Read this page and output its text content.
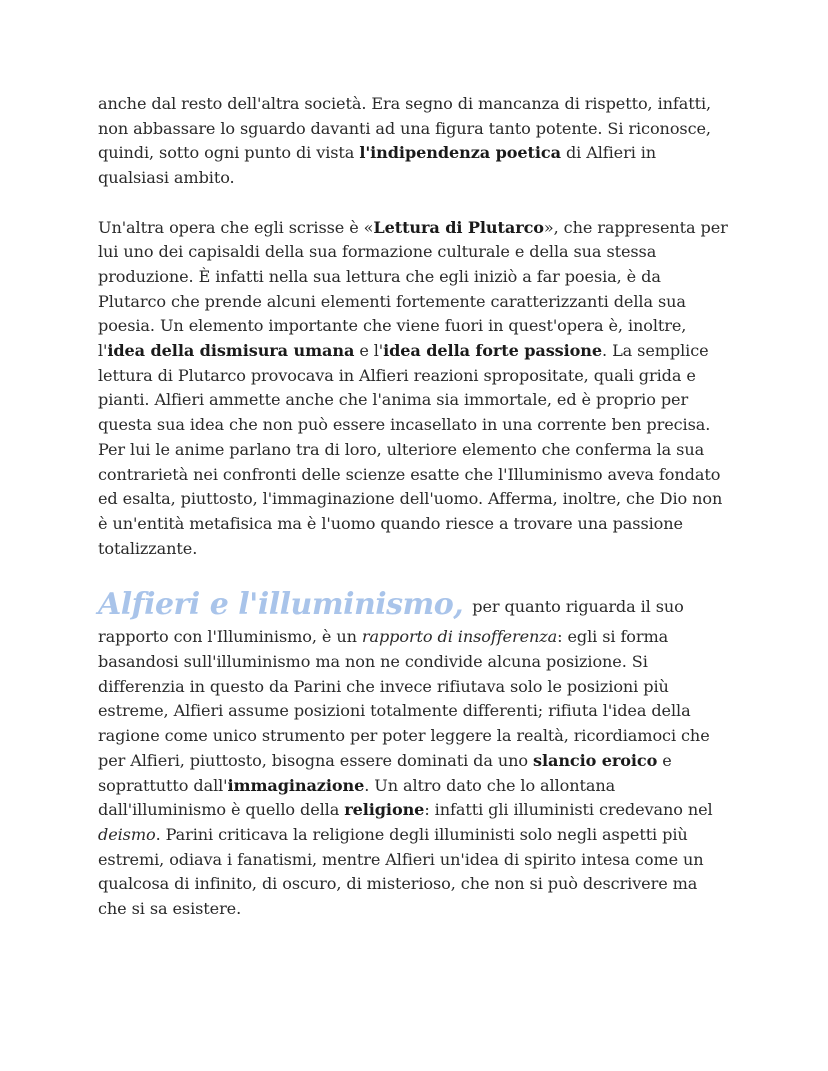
anche dal resto dell'altra società. Era segno di mancanza di rispetto, infatti, non abbassare lo sguardo davanti ad una figura tanto potente. Si riconosce, quindi, sotto ogni punto di vista l'indipendenza poetica di Alfieri in qualsiasi ambito.

Un'altra opera che egli scrisse è «Lettura di Plutarco», che rappresenta per lui uno dei capisaldi della sua formazione culturale e della sua stessa produzione. È infatti nella sua lettura che egli iniziò a far poesia, è da Plutarco che prende alcuni elementi fortemente caratterizzanti della sua poesia. Un elemento importante che viene fuori in quest'opera è, inoltre, l'idea della dismisura umana e l'idea della forte passione. La semplice lettura di Plutarco provocava in Alfieri reazioni spropositate, quali grida e pianti. Alfieri ammette anche che l'anima sia immortale, ed è proprio per questa sua idea che non può essere incasellato in una corrente ben precisa. Per lui le anime parlano tra di loro, ulteriore elemento che conferma la sua contrarietà nei confronti delle scienze esatte che l'Illuminismo aveva fondato ed esalta, piuttosto, l'immaginazione dell'uomo. Afferma, inoltre, che Dio non è un'entità metafisica ma è l'uomo quando riesce a trovare una passione totalizzante.

Alfieri e l'illuminismo, per quanto riguarda il suo rapporto con l'Illuminismo, è un rapporto di insofferenza: egli si forma basandosi sull'illuminismo ma non ne condivide alcuna posizione. Si differenzia in questo da Parini che invece rifiutava solo le posizioni più estreme, Alfieri assume posizioni totalmente differenti; rifiuta l'idea della ragione come unico strumento per poter leggere la realtà, ricordiamoci che per Alfieri, piuttosto, bisogna essere dominati da uno slancio eroico e soprattutto dall'immaginazione. Un altro dato che lo allontana dall'illuminismo è quello della religione: infatti gli illuministi credevano nel deismo. Parini criticava la religione degli illuministi solo negli aspetti più estremi, odiava i fanatismi, mentre Alfieri un'idea di spirito intesa come un qualcosa di infinito, di oscuro, di misterioso, che non si può descrivere ma che si sa esistere.
